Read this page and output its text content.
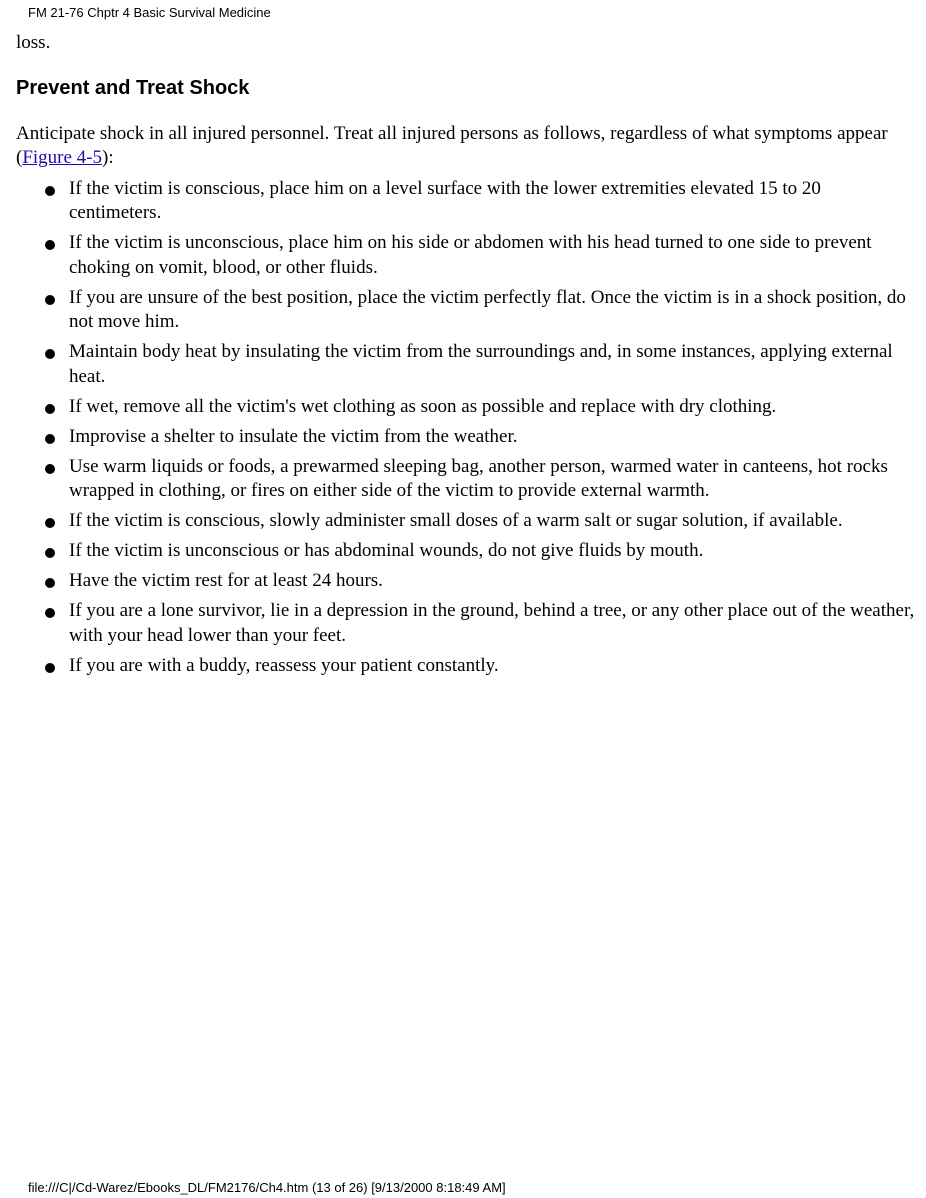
FM 21-76 Chptr 4 Basic Survival Medicine

loss.

Prevent and Treat Shock

Anticipate shock in all injured personnel. Treat all injured persons as follows, regardless of what symptoms appear (Figure 4-5):

If the victim is conscious, place him on a level surface with the lower extremities elevated 15 to 20 centimeters.
If the victim is unconscious, place him on his side or abdomen with his head turned to one side to prevent choking on vomit, blood, or other fluids.
If you are unsure of the best position, place the victim perfectly flat. Once the victim is in a shock position, do not move him.
Maintain body heat by insulating the victim from the surroundings and, in some instances, applying external heat.
If wet, remove all the victim's wet clothing as soon as possible and replace with dry clothing.
Improvise a shelter to insulate the victim from the weather.
Use warm liquids or foods, a prewarmed sleeping bag, another person, warmed water in canteens, hot rocks wrapped in clothing, or fires on either side of the victim to provide external warmth.
If the victim is conscious, slowly administer small doses of a warm salt or sugar solution, if available.
If the victim is unconscious or has abdominal wounds, do not give fluids by mouth.
Have the victim rest for at least 24 hours.
If you are a lone survivor, lie in a depression in the ground, behind a tree, or any other place out of the weather, with your head lower than your feet.
If you are with a buddy, reassess your patient constantly.
file:///C|/Cd-Warez/Ebooks_DL/FM2176/Ch4.htm (13 of 26) [9/13/2000 8:18:49 AM]
